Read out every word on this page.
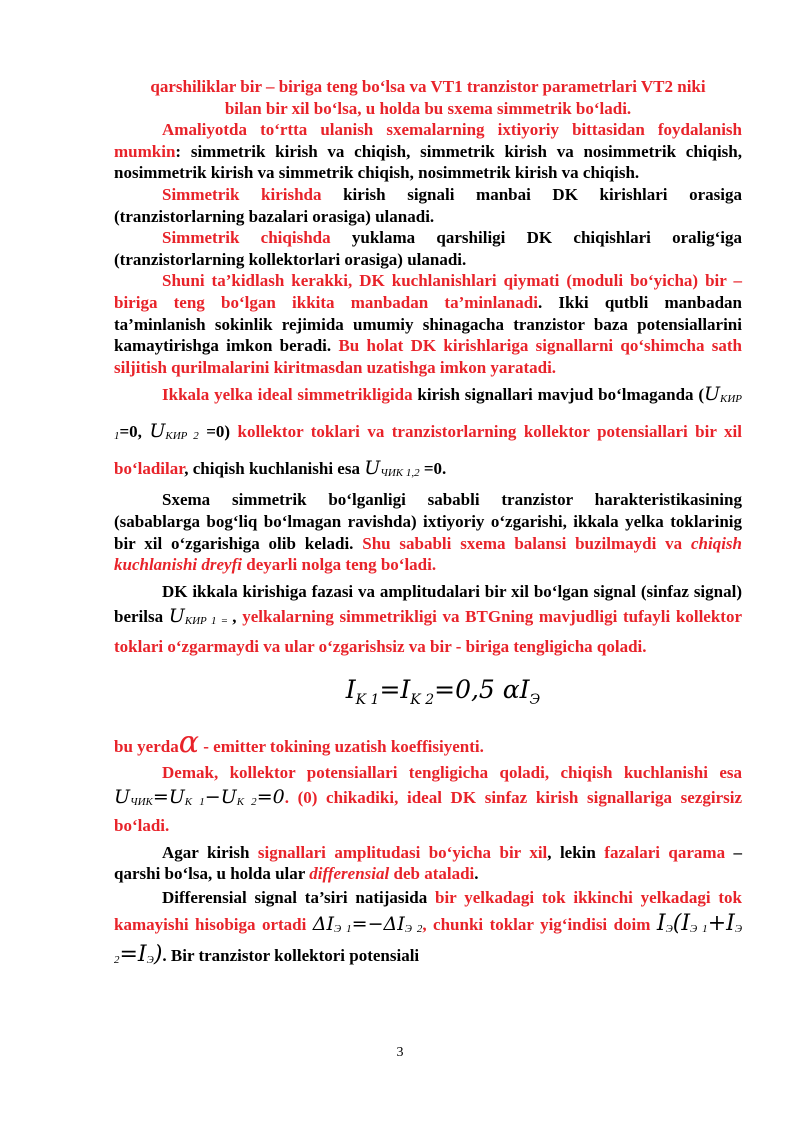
qarshiliklar bir – biriga teng bo‘lsa va VT1 tranzistor parametrlari VT2 niki
bilan bir xil bo‘lsa, u holda bu sxema simmetrik bo‘ladi.

Amaliyotda to‘rtta ulanish sxemalarning ixtiyoriy bittasidan foydalanish mumkin: simmetrik kirish va chiqish, simmetrik kirish va nosimmetrik chiqish, nosimmetrik kirish va simmetrik chiqish, nosimmetrik kirish va chiqish.

Simmetrik kirishda kirish signali manbai DK kirishlari orasiga (tranzistorlarning bazalari orasiga) ulanadi.

Simmetrik chiqishda yuklama qarshiligi DK chiqishlari oralig‘iga (tranzistorlarning kollektorlari orasiga) ulanadi.

Shuni ta’kidlash kerakki, DK kuchlanishlari qiymati (moduli bo‘yicha) bir – biriga teng bo‘lgan ikkita manbadan ta’minlanadi. Ikki qutbli manbadan ta’minlanish sokinlik rejimida umumiy shinagacha tranzistor baza potensiallarini kamaytirishga imkon beradi. Bu holat DK kirishlariga signallarni qo‘shimcha sath siljitish qurilmalarini kiritmasdan uzatishga imkon yaratadi.

Ikkala yelka ideal simmetrikligida kirish signallari mavjud bo‘lmaganda (UКИР 1=0, UКИР 2 =0) kollektor toklari va tranzistorlarning kollektor potensiallari bir xil bo‘ladilar, chiqish kuchlanishi esa UЧИК 1,2 =0.

Sxema simmetrik bo‘lganligi sababli tranzistor harakteristikasining (sabablarga bog‘liq bo‘lmagan ravishda) ixtiyoriy o‘zgarishi, ikkala yelka toklarinig bir xil o‘zgarishiga olib keladi. Shu sababli sxema balansi buzilmaydi va chiqish kuchlanishi dreyfi deyarli nolga teng bo‘ladi.

DK ikkala kirishiga fazasi va amplitudalari bir xil bo‘lgan signal (sinfaz signal) berilsa UКИР 1 = , yelkalarning simmetrikligi va BTGning mavjudligi tufayli kollektor toklari o‘zgarmaydi va ular o‘zgarishsiz va bir - biriga tengligicha qoladi.

$I_{K 1}=I_{K 2}=0,5$ $\alpha I_Э$

bu yerdaα - emitter tokining uzatish koeffisiyenti.

Demak, kollektor potensiallari tengligicha qoladi, chiqish kuchlanishi esa UЧИК=UK 1−UK 2=0. (0) chikadiki, ideal DK sinfaz kirish signallariga sezgirsiz bo‘ladi.

Agar kirish signallari amplitudasi bo‘yicha bir xil, lekin fazalari qarama – qarshi bo‘lsa, u holda ular differensial deb ataladi.

Differensial signal ta’siri natijasida bir yelkadagi tok ikkinchi yelkadagi tok kamayishi hisobiga ortadi ΔIЭ 1=−ΔIЭ 2, chunki toklar yig‘indisi doim IЭ(IЭ 1+IЭ 2=IЭ). Bir tranzistor kollektori potensiali

3
